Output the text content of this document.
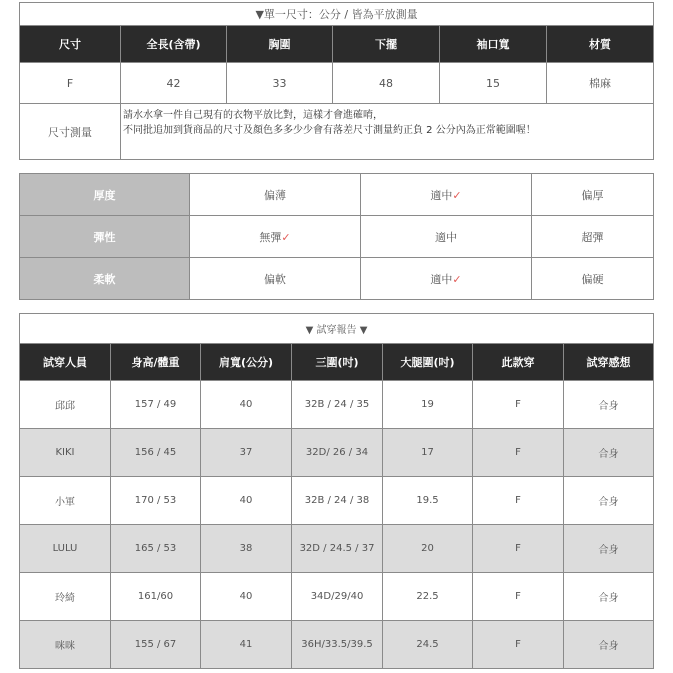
▼單一尺寸：公分 / 皆為平放測量					
尺寸	全長(含帶)	胸圍	下擺	袖口寬	材質
F	42	33	48	15	棉麻
尺寸測量	請水水拿一件自己現有的衣物平放比對，這樣才會進確唷，
不同批追加到貨商品的尺寸及顏色多多少少會有落差尺寸測量約正負 2 公分內為正常範圍喔！				
厚度	偏薄	適中✓	偏厚
彈性	無彈✓	適中	超彈
柔軟	偏軟	適中✓	偏硬
▼ 試穿報告 ▼						
試穿人員	身高/體重	肩寬(公分)	三圍(吋)	大腿圍(吋)	此款穿	試穿感想
邱邱	157 / 49	40	32B / 24 / 35	19	F	合身
KIKI	156 / 45	37	32D/ 26 / 34	17	F	合身
小軍	170 / 53	40	32B / 24 / 38	19.5	F	合身
LULU	165 / 53	38	32D / 24.5 / 37	20	F	合身
玲綺	161/60	40	34D/29/40	22.5	F	合身
咪咪	155 / 67	41	36H/33.5/39.5	24.5	F	合身
